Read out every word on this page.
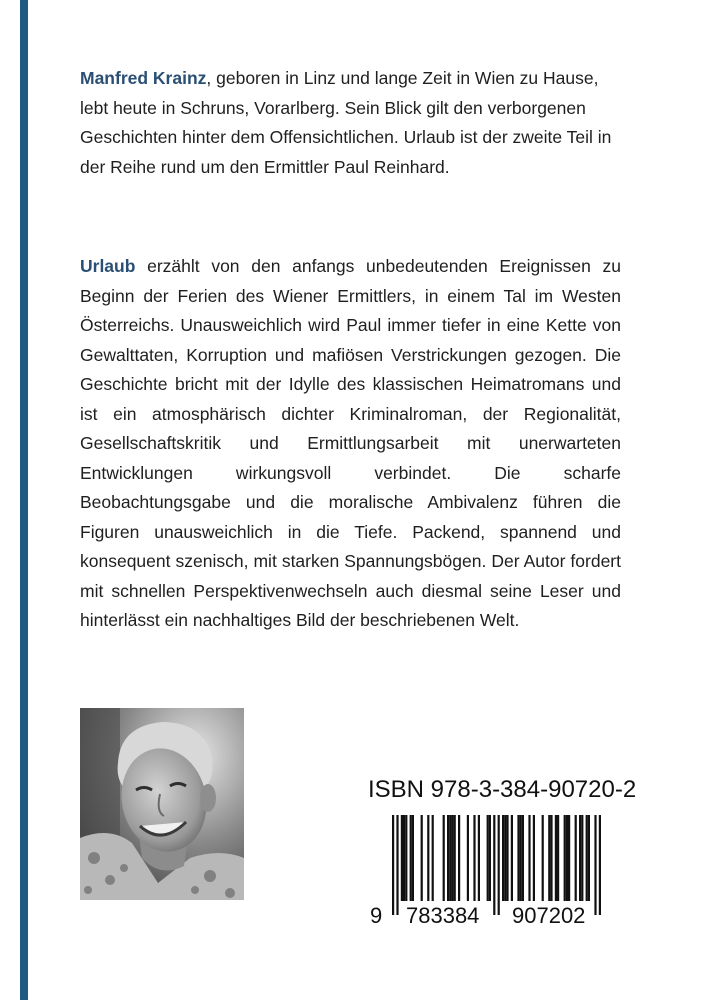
Manfred Krainz, geboren in Linz und lange Zeit in Wien zu Hause, lebt heute in Schruns, Vorarlberg. Sein Blick gilt den verborgenen Geschichten hinter dem Offensichtlichen. Urlaub ist der zweite Teil in der Reihe rund um den Ermittler Paul Reinhard.

Urlaub erzählt von den anfangs unbedeutenden Ereignissen zu Beginn der Ferien des Wiener Ermittlers, in einem Tal im Westen Österreichs. Unausweichlich wird Paul immer tiefer in eine Kette von Gewalttaten, Korruption und mafiösen Verstrickungen gezogen. Die Geschichte bricht mit der Idylle des klassischen Heimatromans und ist ein atmosphärisch dichter Kriminalroman, der Regionalität, Gesellschaftskritik und Ermittlungsarbeit mit unerwarteten Entwicklungen wirkungsvoll verbindet. Die scharfe Beobachtungsgabe und die moralische Ambivalenz führen die Figuren unausweichlich in die Tiefe. Packend, spannend und konsequent szenisch, mit starken Spannungsbögen. Der Autor fordert mit schnellen Perspektivenwechseln auch diesmal seine Leser und hinterlässt ein nachhaltiges Bild der beschriebenen Welt.

ISBN 978-3-384-90720-2
9 783384 907202
